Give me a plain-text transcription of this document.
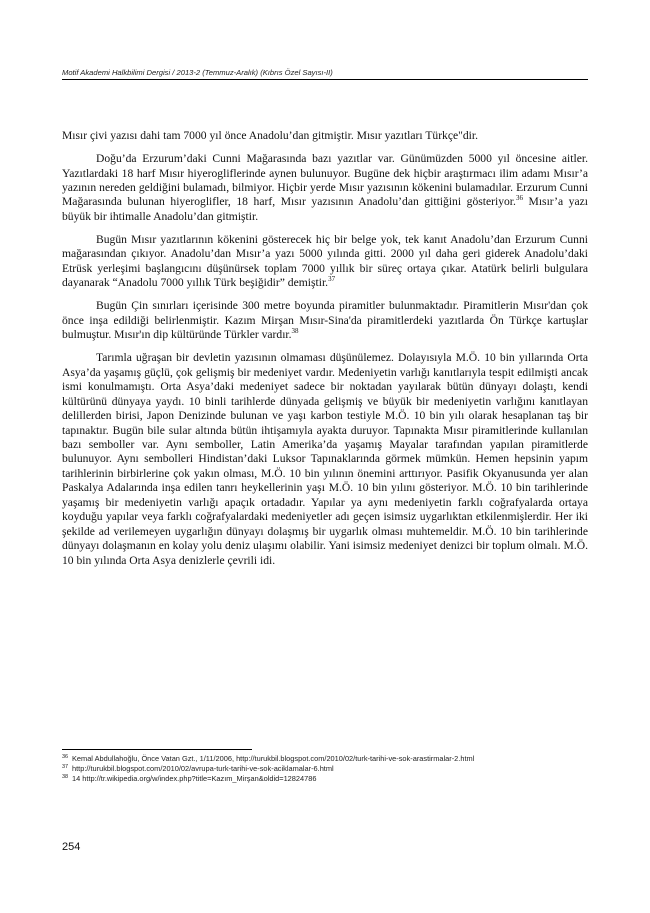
Motif Akademi Halkbilimi Dergisi / 2013-2 (Temmuz-Aralık) (Kıbrıs Özel Sayısı-II)

Mısır çivi yazısı dahi tam 7000 yıl önce Anadolu’dan gitmiştir. Mısır yazıtları Türkçe"dir.

Doğu’da Erzurum’daki Cunni Mağarasında bazı yazıtlar var. Günümüzden 5000 yıl öncesine aitler. Yazıtlardaki 18 harf Mısır hiyerogliflerinde aynen bulunuyor. Bugüne dek hiçbir araştırmacı ilim adamı Mısır’a yazının nereden geldiğini bulamadı, bilmiyor. Hiçbir yerde Mısır yazısının kökenini bulamadılar. Erzurum Cunni Mağarasında bulunan hiyeroglifler, 18 harf, Mısır yazısının Anadolu’dan gittiğini gösteriyor.$^{36}$ Mısır’a yazı büyük bir ihtimalle Anadolu’dan gitmiştir.

Bugün Mısır yazıtlarının kökenini gösterecek hiç bir belge yok, tek kanıt Anadolu’dan Erzurum Cunni mağarasından çıkıyor. Anadolu’dan Mısır’a yazı 5000 yılında gitti. 2000 yıl daha geri giderek Anadolu’daki Etrüsk yerleşimi başlangıcını düşünürsek toplam 7000 yıllık bir süreç ortaya çıkar. Atatürk belirli bulgulara dayanarak “Anadolu 7000 yıllık Türk beşiğidir” demiştir.$^{37}$

Bugün Çin sınırları içerisinde 300 metre boyunda piramitler bulunmaktadır. Piramitlerin Mısır'dan çok önce inşa edildiği belirlenmiştir. Kazım Mirşan Mısır-Sina'da piramitlerdeki yazıtlarda Ön Türkçe kartuşlar bulmuştur. Mısır'ın dip kültüründe Türkler vardır.$^{38}$

Tarımla uğraşan bir devletin yazısının olmaması düşünülemez. Dolayısıyla M.Ö. 10 bin yıllarında Orta Asya’da yaşamış güçlü, çok gelişmiş bir medeniyet vardır. Medeniyetin varlığı kanıtlarıyla tespit edilmişti ancak ismi konulmamıştı. Orta Asya’daki medeniyet sadece bir noktadan yayılarak bütün dünyayı dolaştı, kendi kültürünü dünyaya yaydı. 10 binli tarihlerde dünyada gelişmiş ve büyük bir medeniyetin varlığını kanıtlayan delillerden birisi, Japon Denizinde bulunan ve yaşı karbon testiyle M.Ö. 10 bin yılı olarak hesaplanan taş bir tapınaktır. Bugün bile sular altında bütün ihtişamıyla ayakta duruyor. Tapınakta Mısır piramitlerinde kullanılan bazı semboller var. Aynı semboller, Latin Amerika’da yaşamış Mayalar tarafından yapılan piramitlerde bulunuyor. Aynı sembolleri Hindistan’daki Luksor Tapınaklarında görmek mümkün. Hemen hepsinin yapım tarihlerinin birbirlerine çok yakın olması, M.Ö. 10 bin yılının önemini arttırıyor. Pasifik Okyanusunda yer alan Paskalya Adalarında inşa edilen tanrı heykellerinin yaşı M.Ö. 10 bin yılını gösteriyor. M.Ö. 10 bin tarihlerinde yaşamış bir medeniyetin varlığı apaçık ortadadır. Yapılar ya aynı medeniyetin farklı coğrafyalarda ortaya koyduğu yapılar veya farklı coğrafyalardaki medeniyetler adı geçen isimsiz uygarlıktan etkilenmişlerdir. Her iki şekilde ad verilemeyen uygarlığın dünyayı dolaşmış bir uygarlık olması muhtemeldir. M.Ö. 10 bin tarihlerinde dünyayı dolaşmanın en kolay yolu deniz ulaşımı olabilir. Yani isimsiz medeniyet denizci bir toplum olmalı. M.Ö. 10 bin yılında Orta Asya denizlerle çevrili idi.

36 Kemal Abdullahoğlu, Önce Vatan Gzt., 1/11/2006, http://turukbil.blogspot.com/2010/02/turk-tarihi-ve-sok-arastirmalar-2.html
37 http://turukbil.blogspot.com/2010/02/avrupa-turk-tarihi-ve-sok-aciklamalar-6.html
38 14 http://tr.wikipedia.org/w/index.php?title=Kazım_Mirşan&oldid=12824786
254
